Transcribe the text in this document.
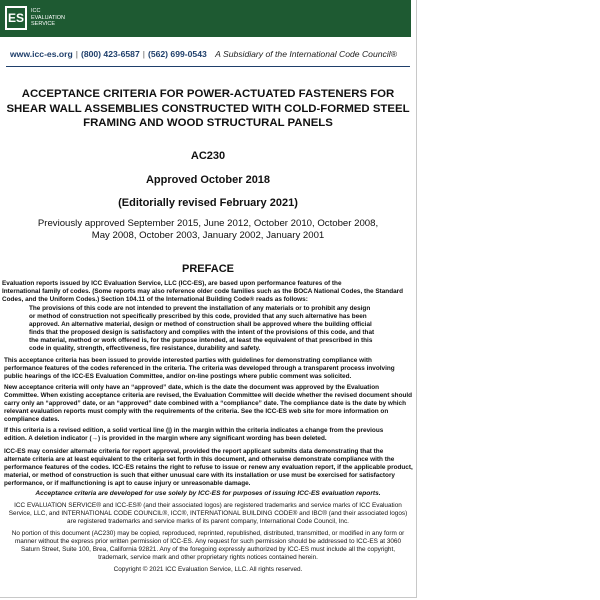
ES	ICC
EVALUATION
SERVICE
www.icc-es.org | (800) 423-6587 | (562) 699-0543 A Subsidiary of the International Code Council®
ACCEPTANCE CRITERIA FOR POWER-ACTUATED FASTENERS FOR
SHEAR WALL ASSEMBLIES CONSTRUCTED WITH COLD-FORMED STEEL
FRAMING AND WOOD STRUCTURAL PANELS
AC230
Approved October 2018
(Editorially revised February 2021)
Previously approved September 2015, June 2012, October 2010, October 2008,
May 2008, October 2003, January 2002, January 2001
PREFACE
Evaluation reports issued by ICC Evaluation Service, LLC (ICC-ES), are based upon performance features of the
International family of codes. (Some reports may also reference older code families such as the BOCA National Codes, the Standard
Codes, and the Uniform Codes.) Section 104.11 of the International Building Code® reads as follows:
The provisions of this code are not intended to prevent the installation of any materials or to prohibit any design
or method of construction not specifically prescribed by this code, provided that any such alternative has been
approved. An alternative material, design or method of construction shall be approved where the building official
finds that the proposed design is satisfactory and complies with the intent of the provisions of this code, and that
the material, method or work offered is, for the purpose intended, at least the equivalent of that prescribed in this
code in quality, strength, effectiveness, fire resistance, durability and safety.
This acceptance criteria has been issued to provide interested parties with guidelines for demonstrating compliance with
performance features of the codes referenced in the criteria. The criteria was developed through a transparent process involving
public hearings of the ICC-ES Evaluation Committee, and/or on-line postings where public comment was solicited.
New acceptance criteria will only have an “approved” date, which is the date the document was approved by the Evaluation
Committee. When existing acceptance criteria are revised, the Evaluation Committee will decide whether the revised document should
carry only an “approved” date, or an “approved” date combined with a “compliance” date. The compliance date is the date by which
relevant evaluation reports must comply with the requirements of the criteria. See the ICC-ES web site for more information on
compliance dates.
If this criteria is a revised edition, a solid vertical line (|) in the margin within the criteria indicates a change from the previous
edition. A deletion indicator (→) is provided in the margin where any significant wording has been deleted.
ICC-ES may consider alternate criteria for report approval, provided the report applicant submits data demonstrating that the
alternate criteria are at least equivalent to the criteria set forth in this document, and otherwise demonstrate compliance with the
performance features of the codes. ICC-ES retains the right to refuse to issue or renew any evaluation report, if the applicable product,
material, or method of construction is such that either unusual care with its installation or use must be exercised for satisfactory
performance, or if malfunctioning is apt to cause injury or unreasonable damage.
Acceptance criteria are developed for use solely by ICC-ES for purposes of issuing ICC-ES evaluation reports.
ICC EVALUATION SERVICE® and ICC-ES® (and their associated logos) are registered trademarks and service marks of ICC Evaluation
Service, LLC, and INTERNATIONAL CODE COUNCIL®, ICC®, INTERNATIONAL BUILDING CODE® and IBC® (and their associated logos)
are registered trademarks and service marks of its parent company, International Code Council, Inc.
No portion of this document (AC230) may be copied, reproduced, reprinted, republished, distributed, transmitted, or modified in any form or
manner without the express prior written permission of ICC-ES. Any request for such permission should be addressed to ICC-ES at 3060
Saturn Street, Suite 100, Brea, California 92821. Any of the foregoing expressly authorized by ICC-ES must include all the copyright,
trademark, service mark and other proprietary rights notices contained herein.
Copyright © 2021 ICC Evaluation Service, LLC. All rights reserved.
